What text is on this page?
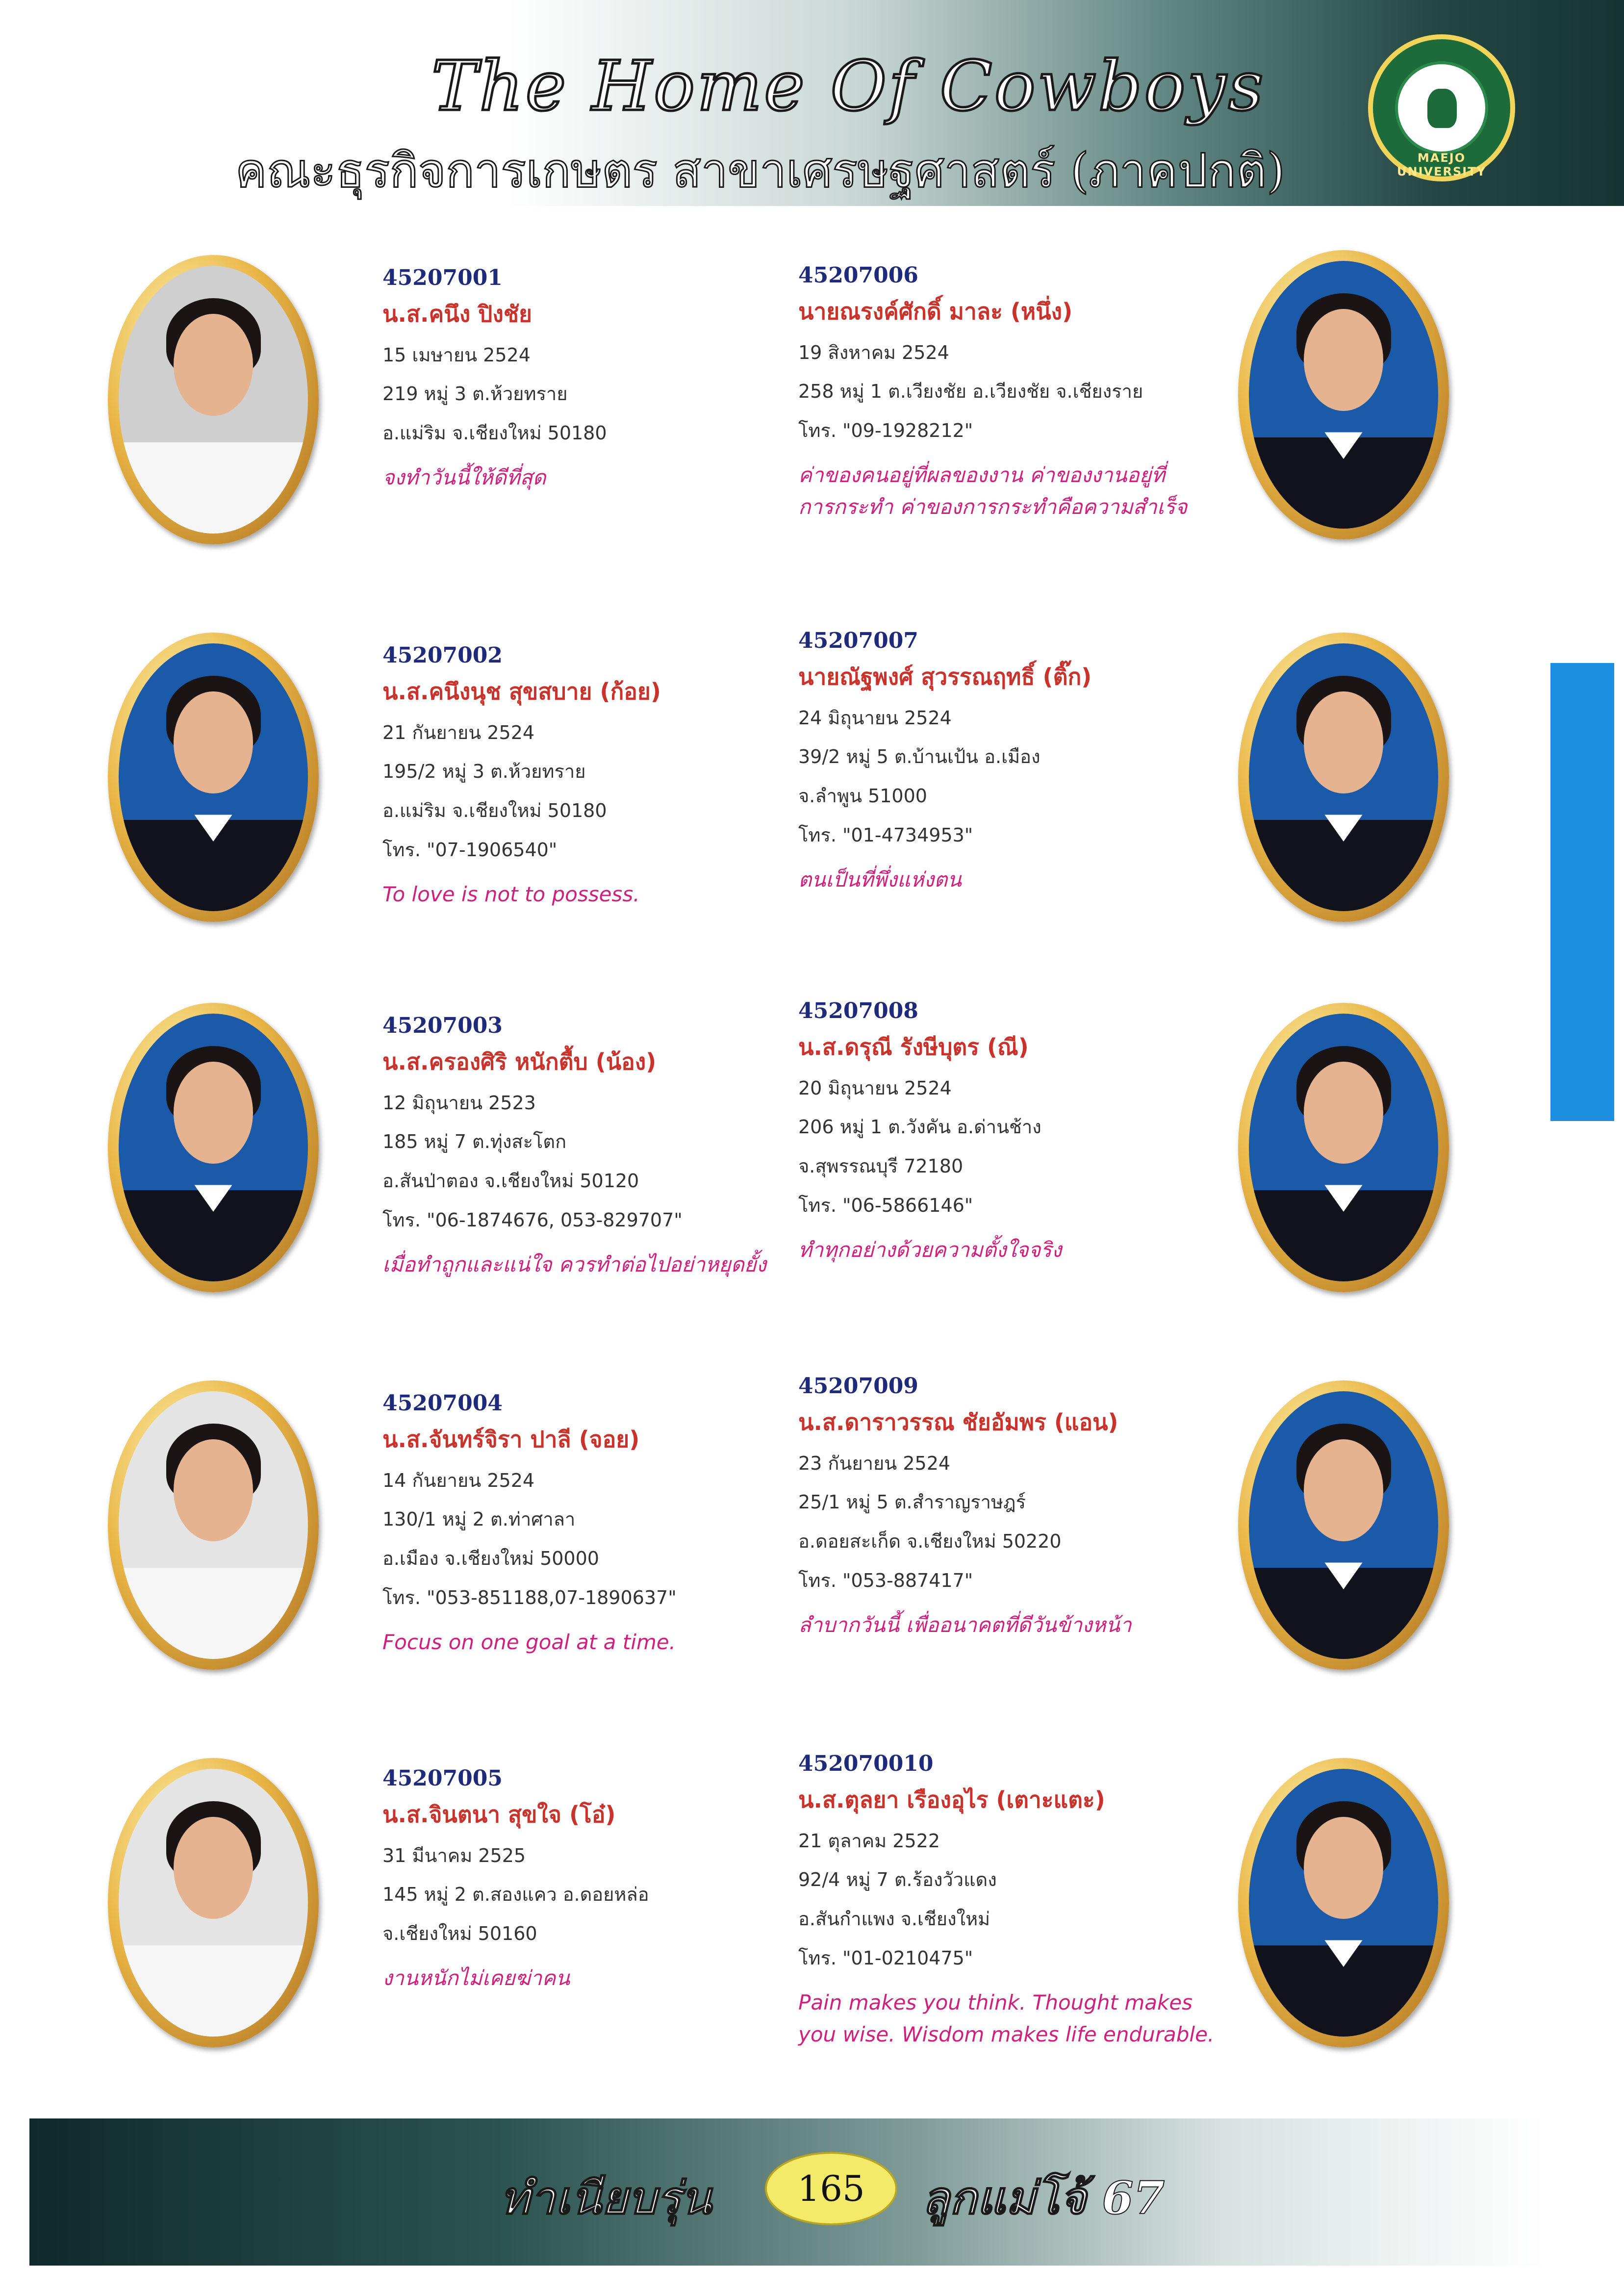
The Home Of Cowboys
คณะธุรกิจการเกษตร สาขาเศรษฐศาสตร์ (ภาคปกติ)	MAEJO UNIVERSITY
45207001
น.ส.คนึง ปิงชัย
15 เมษายน 2524
219 หมู่ 3 ต.ห้วยทราย
อ.แม่ริม จ.เชียงใหม่ 50180
จงทำวันนี้ให้ดีที่สุด
45207002
น.ส.คนึงนุช สุขสบาย (ก้อย)
21 กันยายน 2524
195/2 หมู่ 3 ต.ห้วยทราย
อ.แม่ริม จ.เชียงใหม่ 50180
โทร. "07-1906540"
To love is not to possess.
45207003
น.ส.ครองศิริ หนักตื้บ (น้อง)
12 มิถุนายน 2523
185 หมู่ 7 ต.ทุ่งสะโตก
อ.สันป่าตอง จ.เชียงใหม่ 50120
โทร. "06-1874676, 053-829707"
เมื่อทำถูกและแน่ใจ ควรทำต่อไปอย่าหยุดยั้ง
45207004
น.ส.จันทร์จิรา ปาลี (จอย)
14 กันยายน 2524
130/1 หมู่ 2 ต.ท่าศาลา
อ.เมือง จ.เชียงใหม่ 50000
โทร. "053-851188,07-1890637"
Focus on one goal at a time.
45207005
น.ส.จินตนา สุขใจ (โอ๋)
31 มีนาคม 2525
145 หมู่ 2 ต.สองแคว อ.ดอยหล่อ
จ.เชียงใหม่ 50160
งานหนักไม่เคยฆ่าคน
45207006
นายณรงค์ศักดิ์ มาละ (หนึ่ง)
19 สิงหาคม 2524
258 หมู่ 1 ต.เวียงชัย อ.เวียงชัย จ.เชียงราย
โทร. "09-1928212"
ค่าของคนอยู่ที่ผลของงาน ค่าของงานอยู่ที่
การกระทำ ค่าของการกระทำคือความสำเร็จ
45207007
นายณัฐพงศ์ สุวรรณฤทธิ์ (ติ๊ก)
24 มิถุนายน 2524
39/2 หมู่ 5 ต.บ้านเป้น อ.เมือง
จ.ลำพูน 51000
โทร. "01-4734953"
ตนเป็นที่พึ่งแห่งตน
45207008
น.ส.ดรุณี รังษีบุตร (ณี)
20 มิถุนายน 2524
206 หมู่ 1 ต.วังคัน อ.ด่านช้าง
จ.สุพรรณบุรี 72180
โทร. "06-5866146"
ทำทุกอย่างด้วยความตั้งใจจริง
45207009
น.ส.ดาราวรรณ ชัยอัมพร (แอน)
23 กันยายน 2524
25/1 หมู่ 5 ต.สำราญราษฎร์
อ.ดอยสะเก็ด จ.เชียงใหม่ 50220
โทร. "053-887417"
ลำบากวันนี้ เพื่ออนาคตที่ดีวันข้างหน้า
452070010
น.ส.ตุลยา เรืองอุไร (เตาะแตะ)
21 ตุลาคม 2522
92/4 หมู่ 7 ต.ร้องวัวแดง
อ.สันกำแพง จ.เชียงใหม่
โทร. "01-0210475"
Pain makes you think. Thought makes
you wise. Wisdom makes life endurable.
ทำเนียบรุ่น	165	ลูกแม่โจ้ 67
